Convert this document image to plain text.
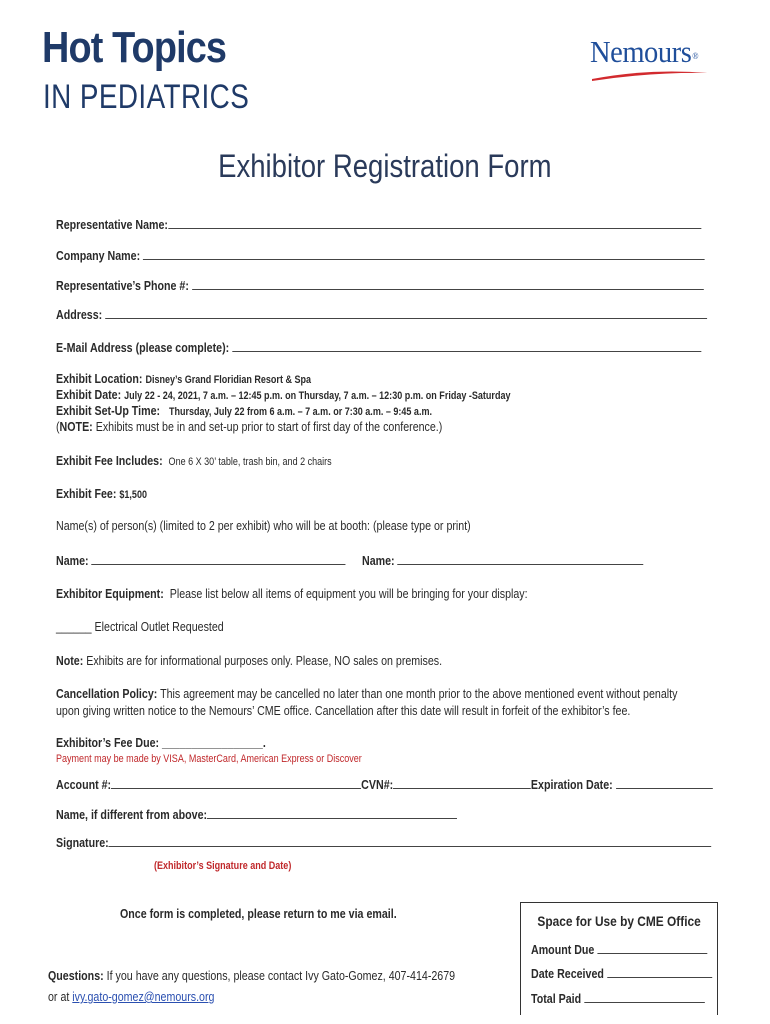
Hot Topics
IN PEDIATRICS
Nemours®
Exhibitor Registration Form
Representative Name:
Company Name:
Representative’s Phone #:
Address:
E-Mail Address (please complete):
Exhibit Location: Disney’s Grand Floridian Resort & Spa
Exhibit Date: July 22 - 24, 2021, 7 a.m. – 12:45 p.m. on Thursday, 7 a.m. – 12:30 p.m. on Friday -Saturday
Exhibit Set-Up Time: Thursday, July 22 from 6 a.m. – 7 a.m. or 7:30 a.m. – 9:45 a.m.
(NOTE: Exhibits must be in and set-up prior to start of first day of the conference.)
Exhibit Fee Includes: One 6 X 30’ table, trash bin, and 2 chairs
Exhibit Fee: $1,500
Name(s) of person(s) (limited to 2 per exhibit) who will be at booth: (please type or print)
Name:	Name:
Exhibitor Equipment: Please list below all items of equipment you will be bringing for your display:
______ Electrical Outlet Requested
Note: Exhibits are for informational purposes only. Please, NO sales on premises.
Cancellation Policy: This agreement may be cancelled no later than one month prior to the above mentioned event without penalty
upon giving written notice to the Nemours’ CME office. Cancellation after this date will result in forfeit of the exhibitor’s fee.
Exhibitor’s Fee Due: _________________.
Payment may be made by VISA, MasterCard, American Express or Discover
Account #:	CVN#:	Expiration Date:
Name, if different from above:
Signature:
(Exhibitor’s Signature and Date)
Once form is completed, please return to me via email.
Questions: If you have any questions, please contact Ivy Gato-Gomez, 407-414-2679
or at ivy.gato-gomez@nemours.org
Space for Use by CME Office
Amount Due
Date Received
Total Paid
